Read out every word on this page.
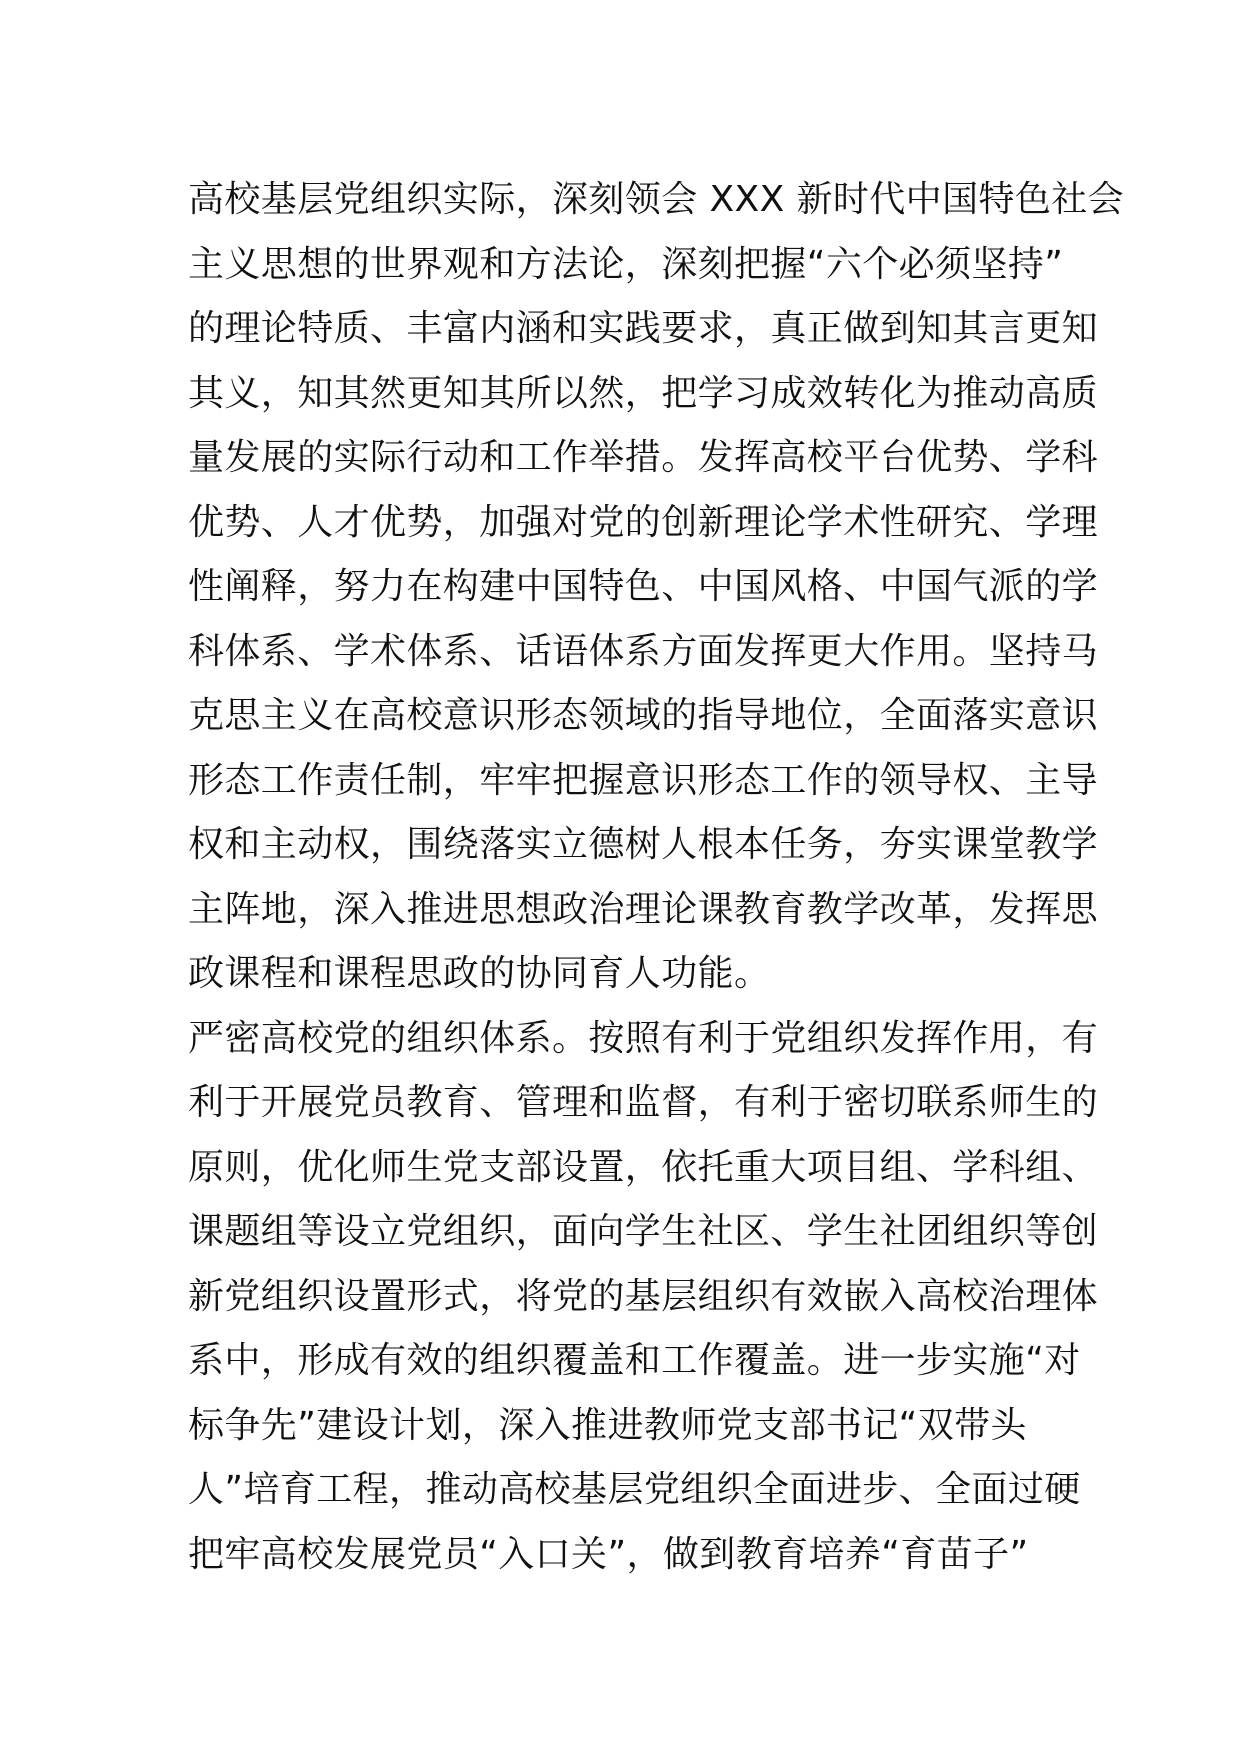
高校基层党组织实际，深刻领会 XXX 新时代中国特色社会
主义思想的世界观和方法论，深刻把握“六个必须坚持”
的理论特质、丰富内涵和实践要求，真正做到知其言更知
其义，知其然更知其所以然，把学习成效转化为推动高质
量发展的实际行动和工作举措。发挥高校平台优势、学科
优势、人才优势，加强对党的创新理论学术性研究、学理
性阐释，努力在构建中国特色、中国风格、中国气派的学
科体系、学术体系、话语体系方面发挥更大作用。坚持马
克思主义在高校意识形态领域的指导地位，全面落实意识
形态工作责任制，牢牢把握意识形态工作的领导权、主导
权和主动权，围绕落实立德树人根本任务，夯实课堂教学
主阵地，深入推进思想政治理论课教育教学改革，发挥思
政课程和课程思政的协同育人功能。
严密高校党的组织体系。按照有利于党组织发挥作用，有
利于开展党员教育、管理和监督，有利于密切联系师生的
原则，优化师生党支部设置，依托重大项目组、学科组、
课题组等设立党组织，面向学生社区、学生社团组织等创
新党组织设置形式，将党的基层组织有效嵌入高校治理体
系中，形成有效的组织覆盖和工作覆盖。进一步实施“对
标争先”建设计划，深入推进教师党支部书记“双带头
人”培育工程，推动高校基层党组织全面进步、全面过硬
把牢高校发展党员“入口关”，做到教育培养“育苗子”
